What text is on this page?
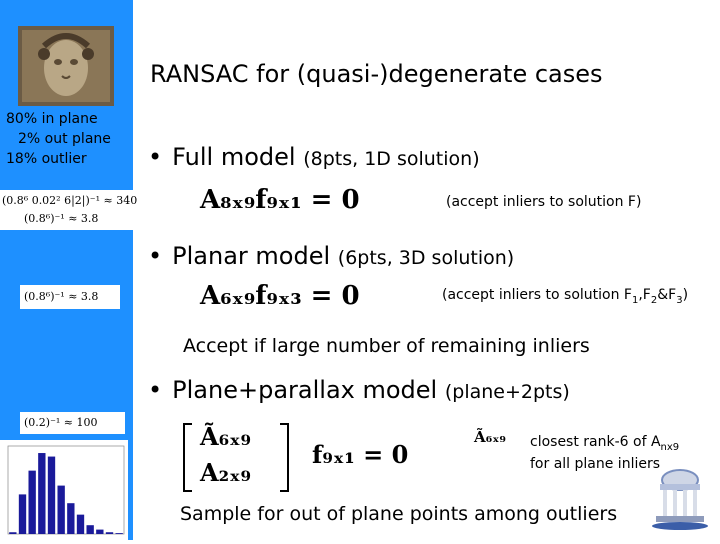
80% in plane
2% out plane
18% outlier
(0.8⁶ 0.02² 6|2|)⁻¹ ≈ 340
(0.8⁶)⁻¹ ≈ 3.8
(0.8⁶)⁻¹ ≈ 3.8
(0.2)⁻¹ ≈ 100
RANSAC for (quasi-)degenerate cases
• Full model (8pts, 1D solution)
A₈ₓ₉f₉ₓ₁ = 0	(accept inliers to solution F)
• Planar model (6pts, 3D solution)
A₆ₓ₉f₉ₓ₃ = 0	(accept inliers to solution $F_1,F_2\&F_3$)
Accept if large number of remaining inliers
• Plane+parallax model (plane+2pts)
Ã₆ₓ₉
A₂ₓ₉
f₉ₓ₁ = 0
Ã₆ₓ₉ closest rank-6 of $A_{nx9}$
for all plane inliers
Sample for out of plane points among outliers
